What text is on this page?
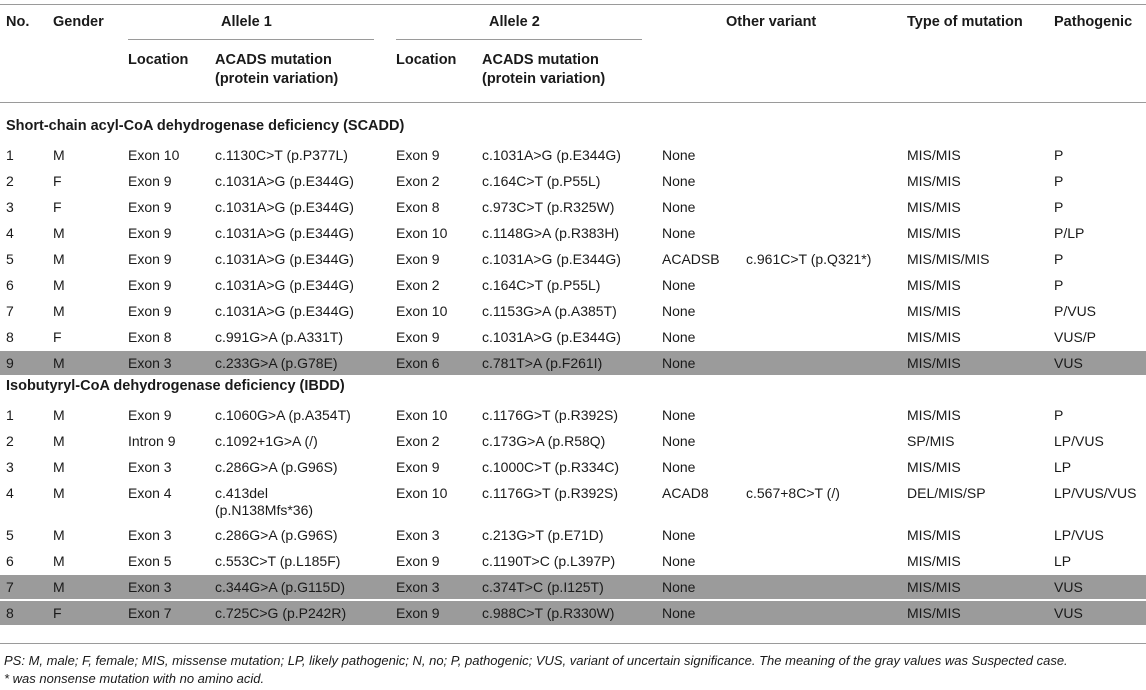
No. Gender	Allele 1	Allele 2	Other variant	Type of mutation Pathogenic
Location ACADS mutation
(protein variation)
Location ACADS mutation
(protein variation)
Short-chain acyl-CoA dehydrogenase deficiency (SCADD)
1	M	Exon 10	c.1130C>T (p.P377L)	Exon 9	c.1031A>G (p.E344G)	None	MIS/MIS	P
2	F	Exon 9	c.1031A>G (p.E344G)	Exon 2	c.164C>T (p.P55L)	None	MIS/MIS	P
3	F	Exon 9	c.1031A>G (p.E344G)	Exon 8	c.973C>T (p.R325W)	None	MIS/MIS	P
4	M	Exon 9	c.1031A>G (p.E344G)	Exon 10 c.1148G>A (p.R383H)	None	MIS/MIS	P/LP
5	M	Exon 9	c.1031A>G (p.E344G)	Exon 9	c.1031A>G (p.E344G)	ACADSB c.961C>T (p.Q321*)	MIS/MIS/MIS	P
6	M	Exon 9	c.1031A>G (p.E344G)	Exon 2	c.164C>T (p.P55L)	None	MIS/MIS	P
7	M	Exon 9	c.1031A>G (p.E344G)	Exon 10 c.1153G>A (p.A385T)	None	MIS/MIS	P/VUS
8	F	Exon 8	c.991G>A (p.A331T)	Exon 9	c.1031A>G (p.E344G)	None	MIS/MIS	VUS/P
9	M	Exon 3	c.233G>A (p.G78E)	Exon 6	c.781T>A (p.F261I)	None	MIS/MIS	VUS
Isobutyryl-CoA dehydrogenase deficiency (IBDD)
1	M	Exon 9	c.1060G>A (p.A354T)	Exon 10 c.1176G>T (p.R392S)	None	MIS/MIS	P
2	M	Intron 9	c.1092+1G>A (/)	Exon 2	c.173G>A (p.R58Q)	None	SP/MIS	LP/VUS
3	M	Exon 3	c.286G>A (p.G96S)	Exon 9	c.1000C>T (p.R334C)	None	MIS/MIS	LP
4	M	Exon 4	c.413del	Exon 10 c.1176G>T (p.R392S)	ACAD8	c.567+8C>T (/)	DEL/MIS/SP	LP/VUS/VUS
(p.N138Mfs*36)
5	M	Exon 3	c.286G>A (p.G96S)	Exon 3	c.213G>T (p.E71D)	None	MIS/MIS	LP/VUS
6	M	Exon 5	c.553C>T (p.L185F)	Exon 9	c.1190T>C (p.L397P)	None	MIS/MIS	LP
7	M	Exon 3	c.344G>A (p.G115D)	Exon 3	c.374T>C (p.I125T)	None	MIS/MIS	VUS
8	F	Exon 7	c.725C>G (p.P242R)	Exon 9	c.988C>T (p.R330W)	None	MIS/MIS	VUS
PS: M, male; F, female; MIS, missense mutation; LP, likely pathogenic; N, no; P, pathogenic; VUS, variant of uncertain significance. The meaning of the gray values was Suspected case.
* was nonsense mutation with no amino acid.
